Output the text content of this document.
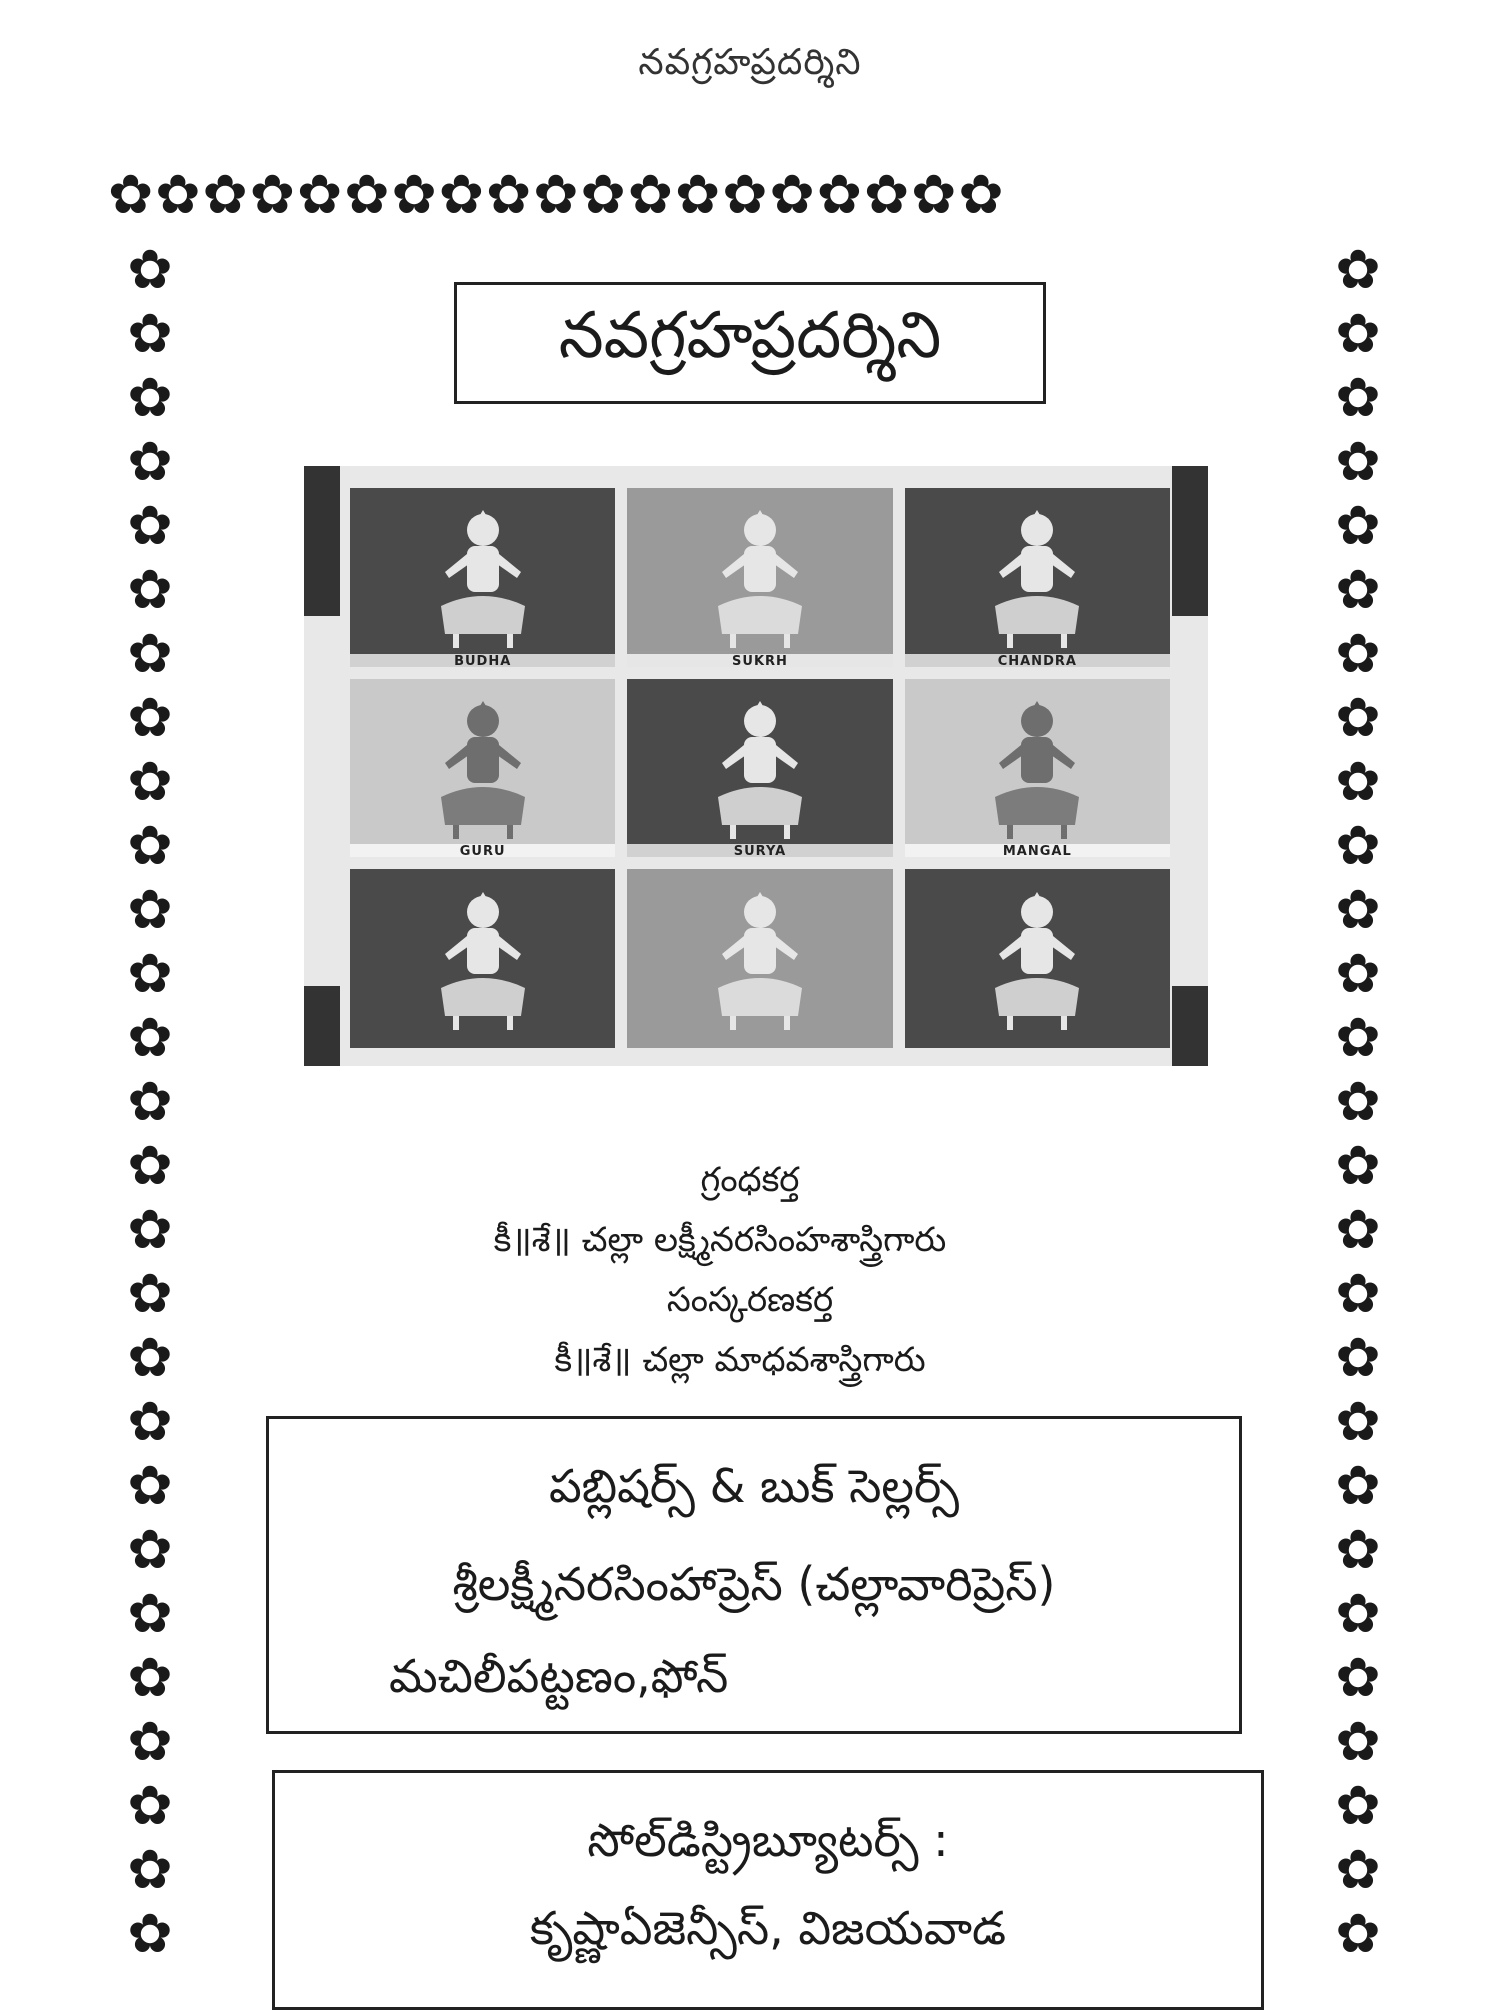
నవగ్రహప్రదర్శిని
✿✿✿✿✿✿✿✿✿✿✿✿✿✿✿✿✿✿✿
✿
✿
✿
✿
✿
✿
✿
✿
✿
✿
✿
✿
✿
✿
✿
✿
✿
✿
✿
✿
✿
✿
✿
✿
✿
✿
✿
✿
✿
✿
✿
✿
✿
✿
✿
✿
✿
✿
✿
✿
✿
✿
✿
✿
✿
✿
✿
✿
✿
✿
✿
✿
✿
✿
నవగ్రహప్రదర్శిని
BUDHA	SUKRH	CHANDRA
GURU	SURYA	MANGAL
గ్రంధకర్త
కీ॥శే॥ చల్లా లక్ష్మీనరసింహశాస్త్రిగారు
సంస్కరణకర్త
కీ॥శే॥ చల్లా మాధవశాస్త్రిగారు
పబ్లిషర్స్ & బుక్ సెల్లర్స్
శ్రీలక్ష్మీనరసింహాప్రెస్ (చల్లావారిప్రెస్)
మచిలీపట్టణం,ఫోన్
సోల్‌డిస్ట్రిబ్యూటర్స్ :
కృష్ణాఏజెన్సీస్, విజయవాడ
